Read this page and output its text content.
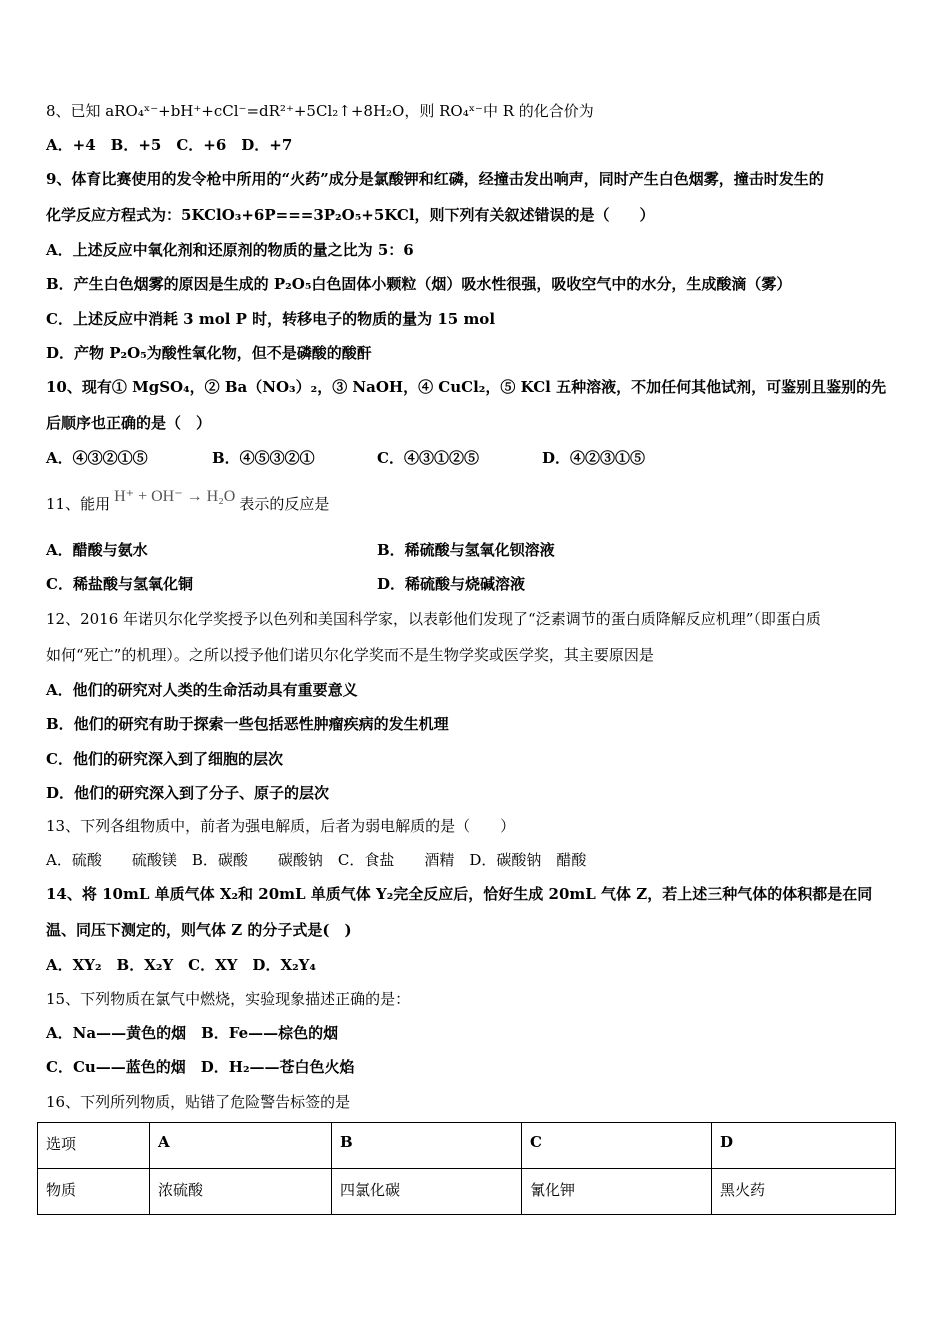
8、已知 aRO₄ˣ⁻+bH⁺+cCl⁻=dR²⁺+5Cl₂↑+8H₂O，则 RO₄ˣ⁻中 R 的化合价为
A．+4　B．+5　C．+6　D．+7
9、体育比赛使用的发令枪中所用的“火药”成分是氯酸钾和红磷，经撞击发出响声，同时产生白色烟雾，撞击时发生的
化学反应方程式为：5KClO₃+6P===3P₂O₅+5KCl，则下列有关叙述错误的是（　　）
A．上述反应中氧化剂和还原剂的物质的量之比为 5：6
B．产生白色烟雾的原因是生成的 P₂O₅白色固体小颗粒（烟）吸水性很强，吸收空气中的水分，生成酸滴（雾）
C．上述反应中消耗 3 mol P 时，转移电子的物质的量为 15 mol
D．产物 P₂O₅为酸性氧化物，但不是磷酸的酸酐
10、现有① MgSO₄，② Ba（NO₃）₂，③ NaOH，④ CuCl₂，⑤ KCl 五种溶液，不加任何其他试剂，可鉴别且鉴别的先
后顺序也正确的是（　）
A．④③②①⑤	B．④⑤③②①	C．④③①②⑤	D．④②③①⑤
11、能用 H⁺ + OH⁻ → H₂O 表示的反应是
A．醋酸与氨水	B．稀硫酸与氢氧化钡溶液
C．稀盐酸与氢氧化铜	D．稀硫酸与烧碱溶液
12、2016 年诺贝尔化学奖授予以色列和美国科学家，以表彰他们发现了“泛素调节的蛋白质降解反应机理”（即蛋白质
如何“死亡”的机理）。之所以授予他们诺贝尔化学奖而不是生物学奖或医学奖，其主要原因是
A．他们的研究对人类的生命活动具有重要意义
B．他们的研究有助于探索一些包括恶性肿瘤疾病的发生机理
C．他们的研究深入到了细胞的层次
D．他们的研究深入到了分子、原子的层次
13、下列各组物质中，前者为强电解质，后者为弱电解质的是（　　）
A．硫酸　　硫酸镁　B．碳酸　　碳酸钠　C．食盐　　酒精　D．碳酸钠　醋酸
14、将 10mL 单质气体 X₂和 20mL 单质气体 Y₂完全反应后，恰好生成 20mL 气体 Z，若上述三种气体的体积都是在同
温、同压下测定的，则气体 Z 的分子式是(　)
A．XY₂　B．X₂Y　C．XY　D．X₂Y₄
15、下列物质在氯气中燃烧，实验现象描述正确的是：
A．Na——黄色的烟　B．Fe——棕色的烟
C．Cu——蓝色的烟　D．H₂——苍白色火焰
16、下列所列物质，贴错了危险警告标签的是
选项	A	B	C	D
物质	浓硫酸	四氯化碳	氰化钾	黑火药
